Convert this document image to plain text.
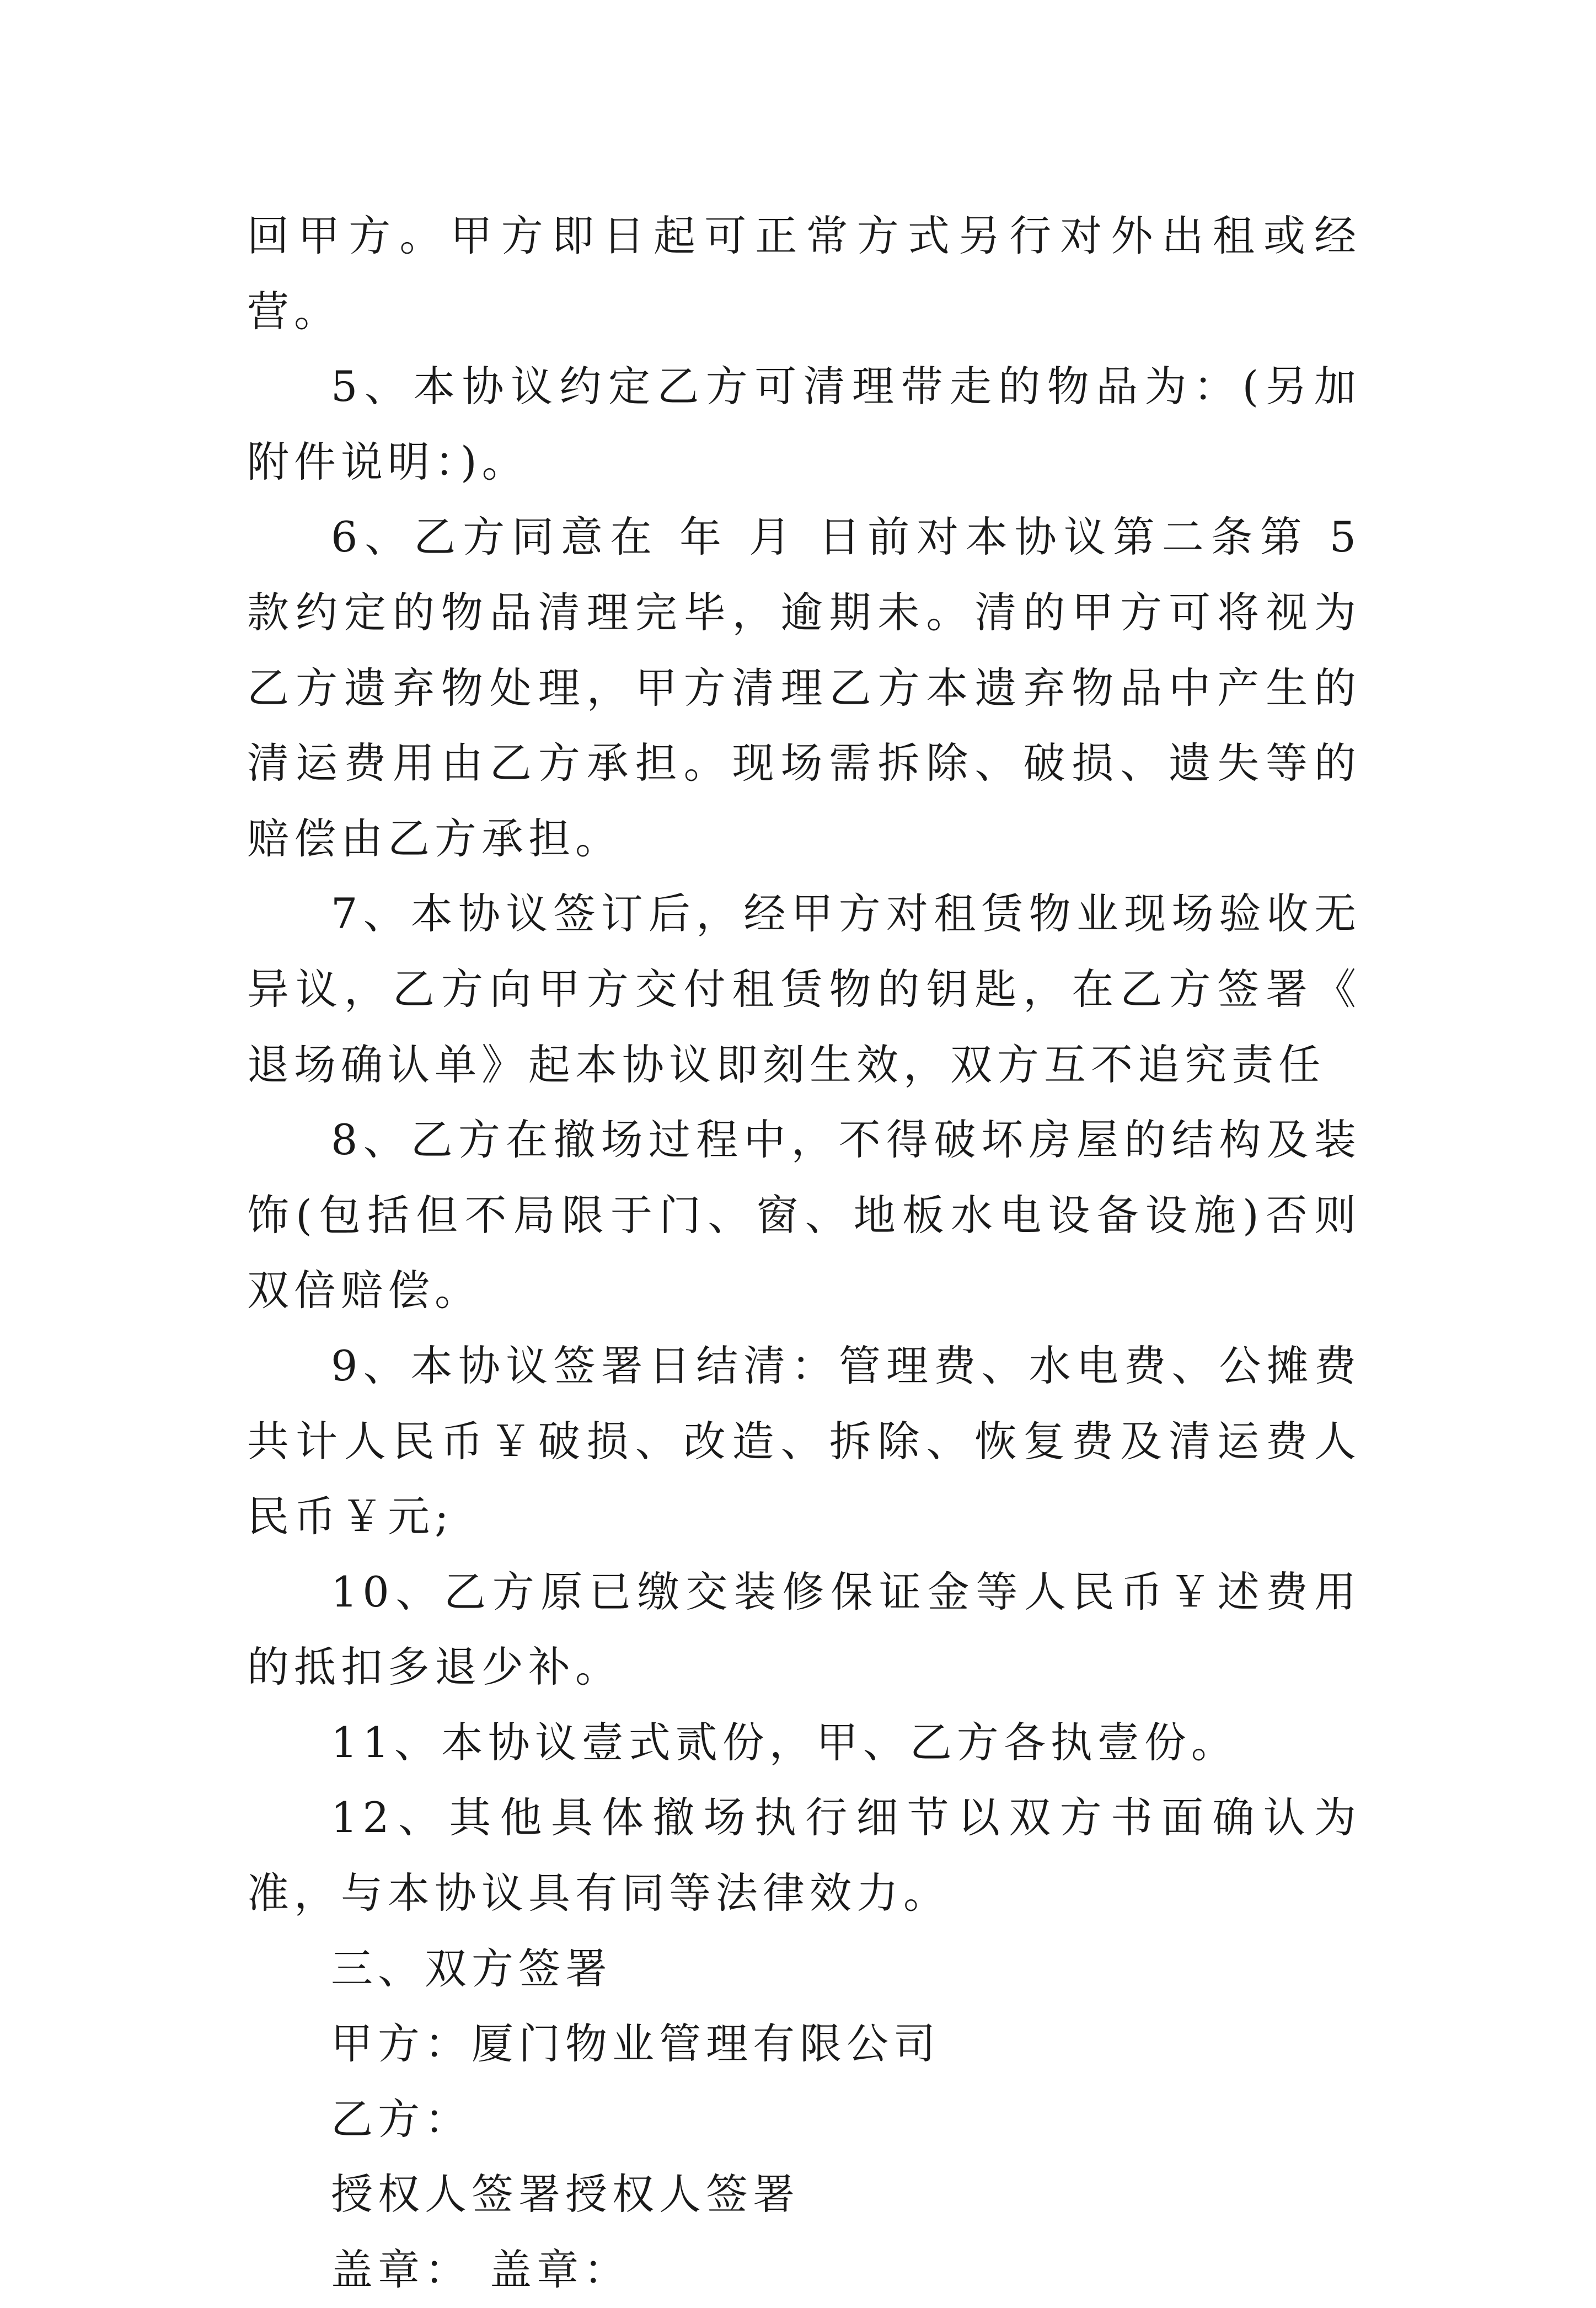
回甲方。甲方即日起可正常方式另行对外出租或经营。

5、本协议约定乙方可清理带走的物品为：(另加附件说明：)。

6、乙方同意在 年 月 日前对本协议第二条第 5 款约定的物品清理完毕，逾期未。清的甲方可将视为乙方遗弃物处理，甲方清理乙方本遗弃物品中产生的清运费用由乙方承担。现场需拆除、破损、遗失等的赔偿由乙方承担。

7、本协议签订后，经甲方对租赁物业现场验收无异议，乙方向甲方交付租赁物的钥匙，在乙方签署《 退场确认单》起本协议即刻生效，双方互不追究责任

8、乙方在撤场过程中，不得破坏房屋的结构及装饰(包括但不局限于门、窗、地板水电设备设施)否则双倍赔偿。

9、本协议签署日结清：管理费、水电费、公摊费共计人民币￥破损、改造、拆除、恢复费及清运费人民币￥元;

10、乙方原已缴交装修保证金等人民币￥述费用的抵扣多退少补。

11、本协议壹式贰份，甲、乙方各执壹份。

12、其他具体撤场执行细节以双方书面确认为准，与本协议具有同等法律效力。

三、双方签署

甲方：厦门物业管理有限公司

乙方：

授权人签署授权人签署

盖章： 盖章：
